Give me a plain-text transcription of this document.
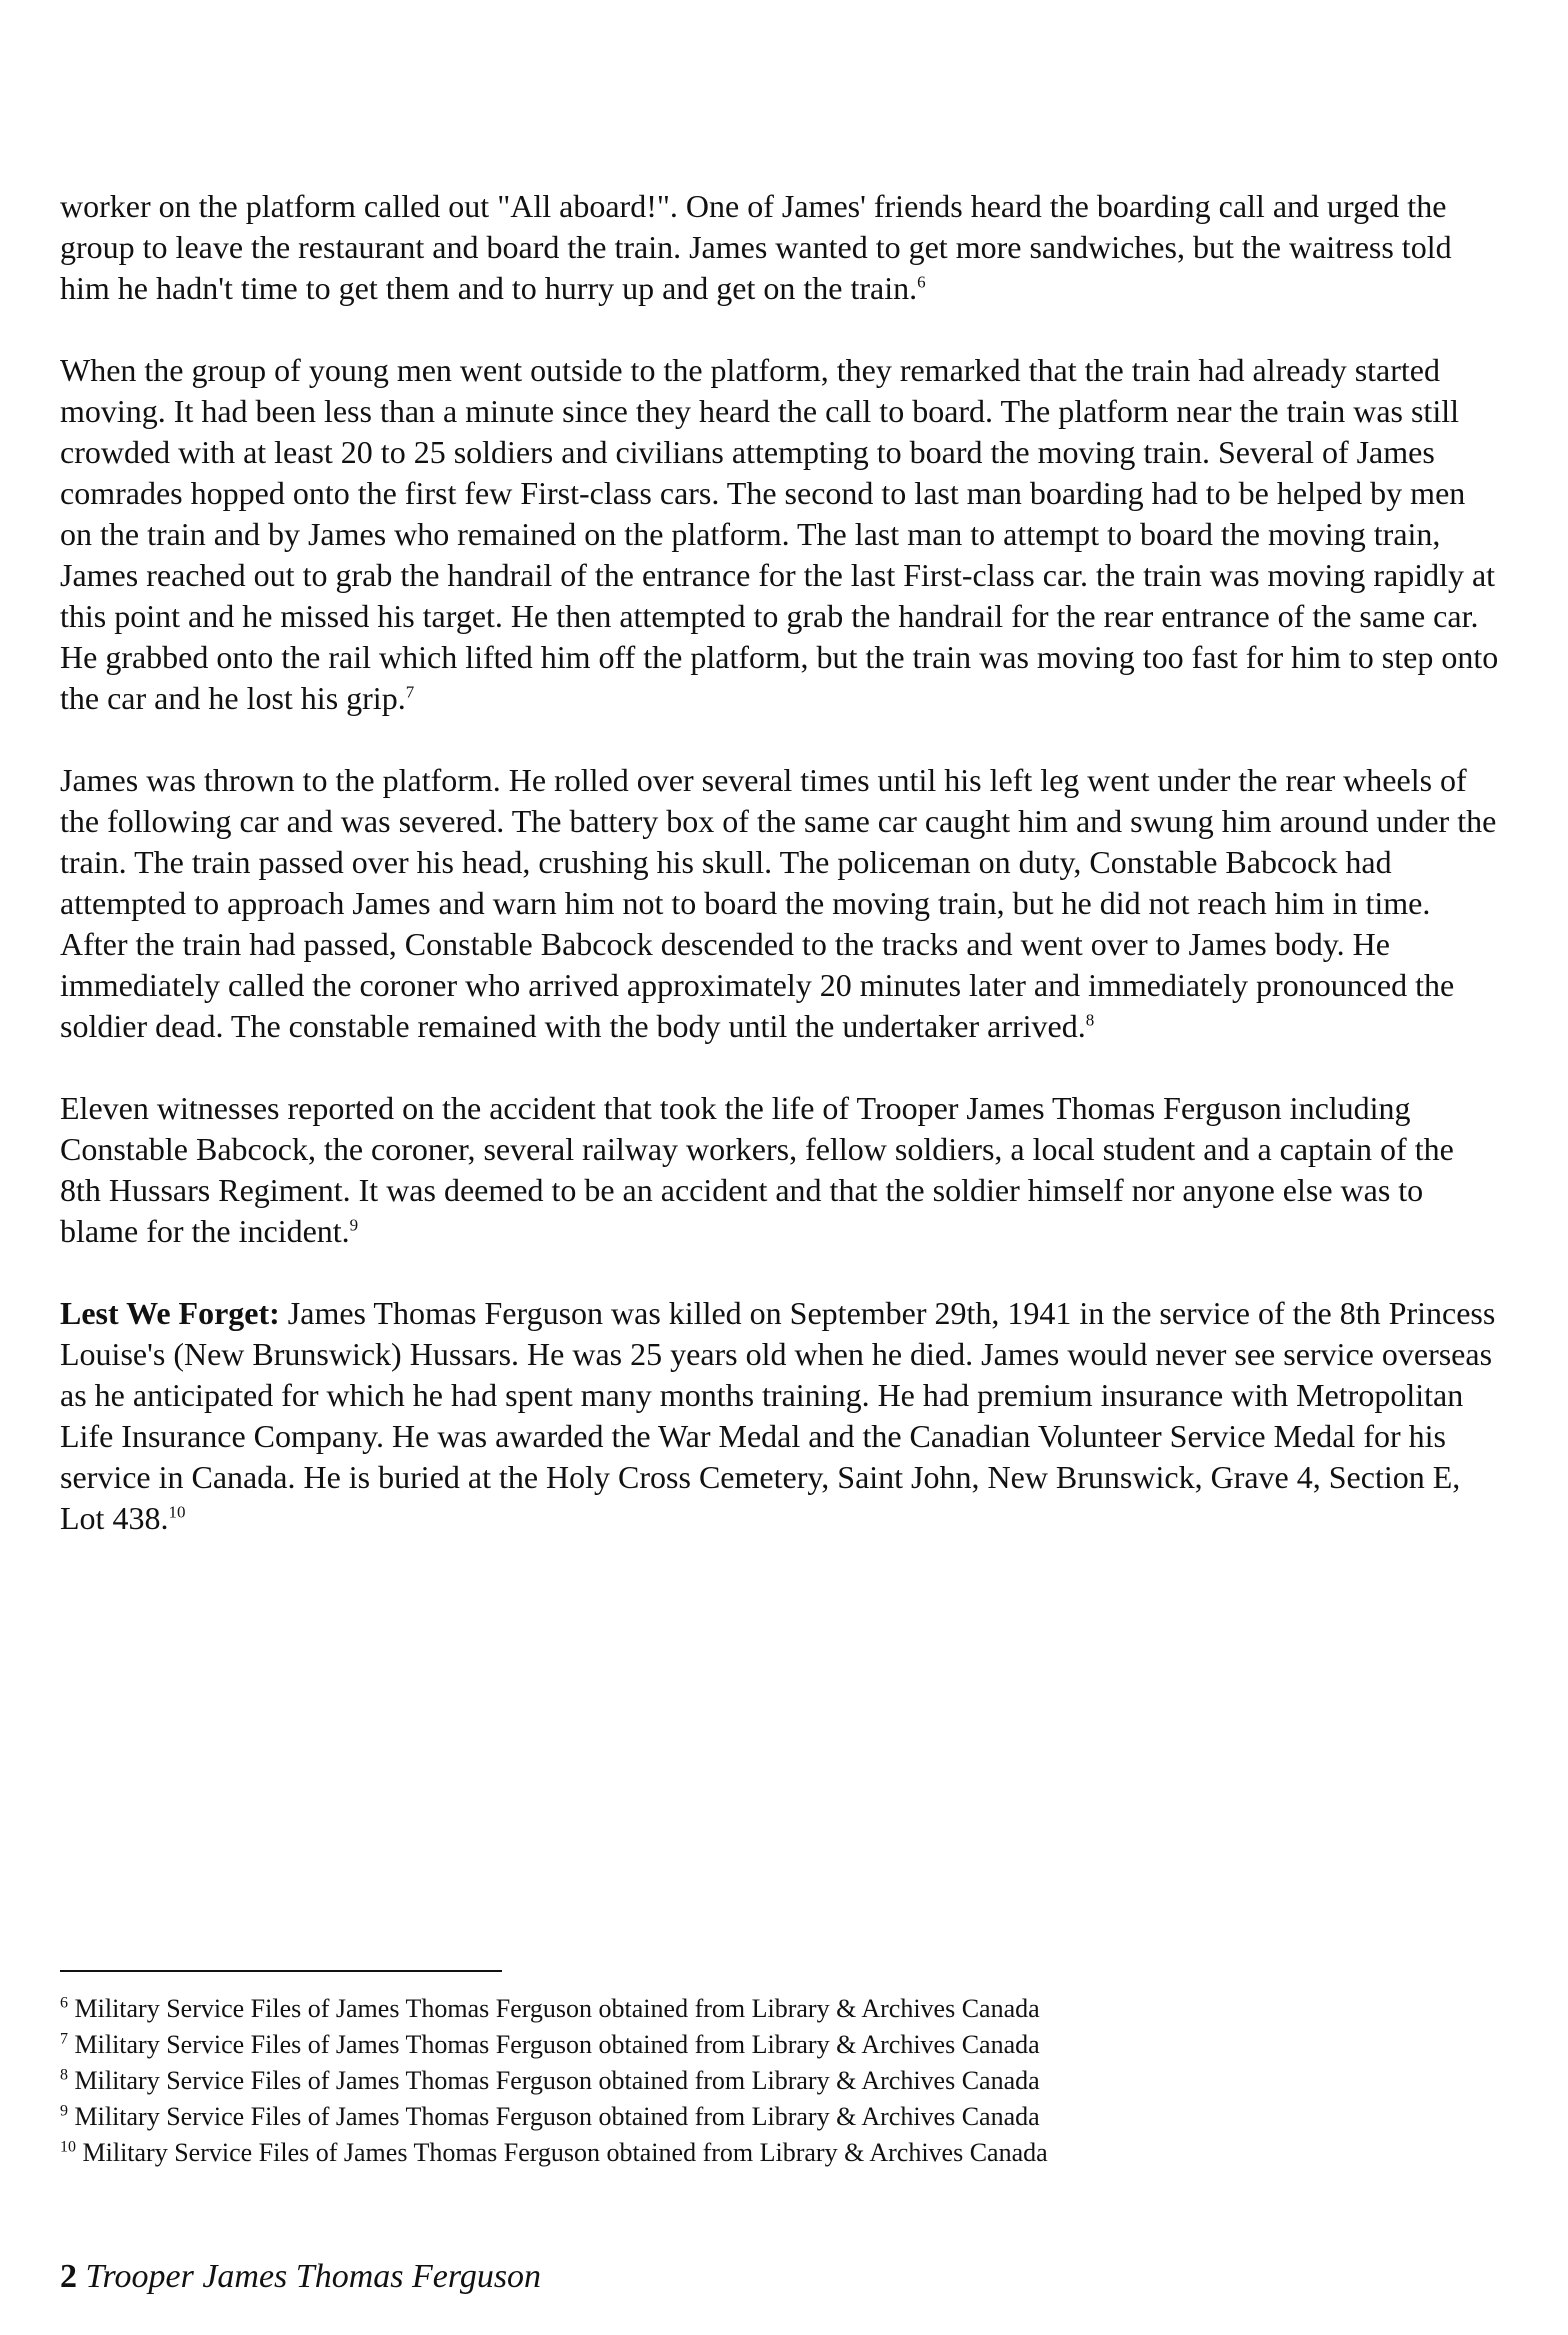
worker on the platform called out "All aboard!". One of James' friends heard the boarding call and urged the group to leave the restaurant and board the train. James wanted to get more sandwiches, but the waitress told him he hadn't time to get them and to hurry up and get on the train.$^6$

When the group of young men went outside to the platform, they remarked that the train had already started moving. It had been less than a minute since they heard the call to board. The platform near the train was still crowded with at least 20 to 25 soldiers and civilians attempting to board the moving train. Several of James comrades hopped onto the first few First-class cars. The second to last man boarding had to be helped by men on the train and by James who remained on the platform. The last man to attempt to board the moving train, James reached out to grab the handrail of the entrance for the last First-class car. the train was moving rapidly at this point and he missed his target. He then attempted to grab the handrail for the rear entrance of the same car. He grabbed onto the rail which lifted him off the platform, but the train was moving too fast for him to step onto the car and he lost his grip.$^7$

James was thrown to the platform. He rolled over several times until his left leg went under the rear wheels of the following car and was severed. The battery box of the same car caught him and swung him around under the train. The train passed over his head, crushing his skull. The policeman on duty, Constable Babcock had attempted to approach James and warn him not to board the moving train, but he did not reach him in time. After the train had passed, Constable Babcock descended to the tracks and went over to James body. He immediately called the coroner who arrived approximately 20 minutes later and immediately pronounced the soldier dead. The constable remained with the body until the undertaker arrived.$^8$

Eleven witnesses reported on the accident that took the life of Trooper James Thomas Ferguson including Constable Babcock, the coroner, several railway workers, fellow soldiers, a local student and a captain of the 8th Hussars Regiment. It was deemed to be an accident and that the soldier himself nor anyone else was to blame for the incident.$^9$

Lest We Forget: James Thomas Ferguson was killed on September 29th, 1941 in the service of the 8th Princess Louise's (New Brunswick) Hussars. He was 25 years old when he died. James would never see service overseas as he anticipated for which he had spent many months training. He had premium insurance with Metropolitan Life Insurance Company. He was awarded the War Medal and the Canadian Volunteer Service Medal for his service in Canada. He is buried at the Holy Cross Cemetery, Saint John, New Brunswick, Grave 4, Section E, Lot 438.10

$^6$ Military Service Files of James Thomas Ferguson obtained from Library & Archives Canada
$^7$ Military Service Files of James Thomas Ferguson obtained from Library & Archives Canada
$^8$ Military Service Files of James Thomas Ferguson obtained from Library & Archives Canada
$^9$ Military Service Files of James Thomas Ferguson obtained from Library & Archives Canada
$^{10}$ Military Service Files of James Thomas Ferguson obtained from Library & Archives Canada
2 Trooper James Thomas Ferguson
